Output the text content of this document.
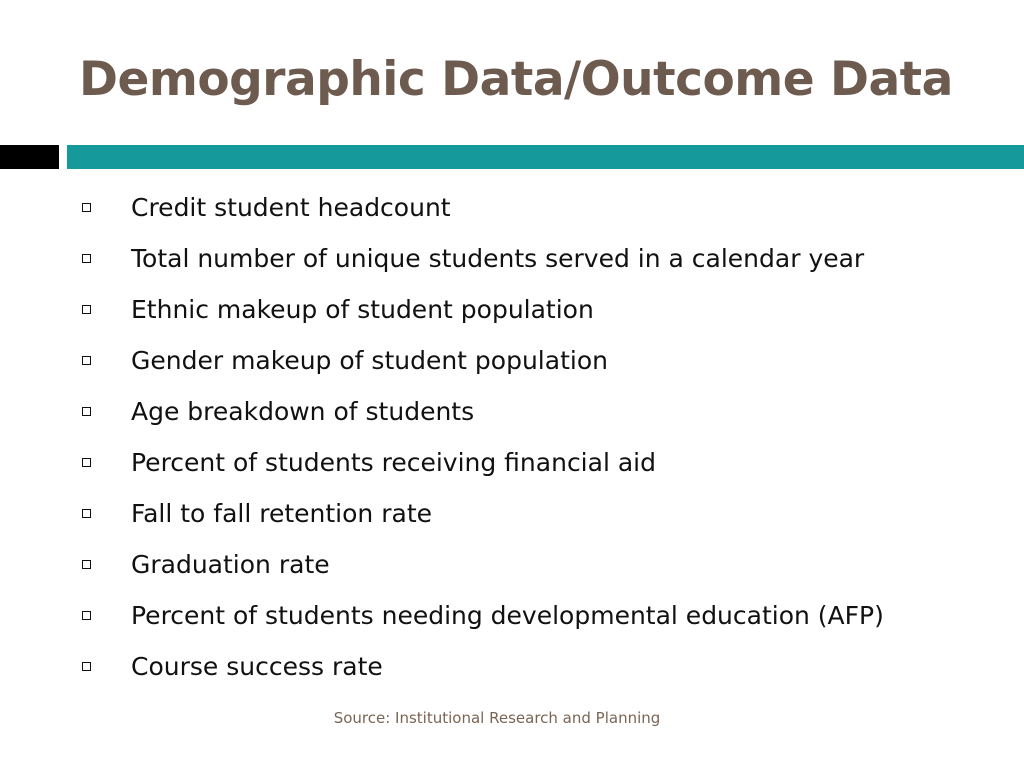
Demographic Data/Outcome Data
Credit student headcount
Total number of unique students served in a calendar year
Ethnic makeup of student population
Gender makeup of student population
Age breakdown of students
Percent of students receiving financial aid
Fall to fall retention rate
Graduation rate
Percent of students needing developmental education (AFP)
Course success rate
Source: Institutional Research and Planning
